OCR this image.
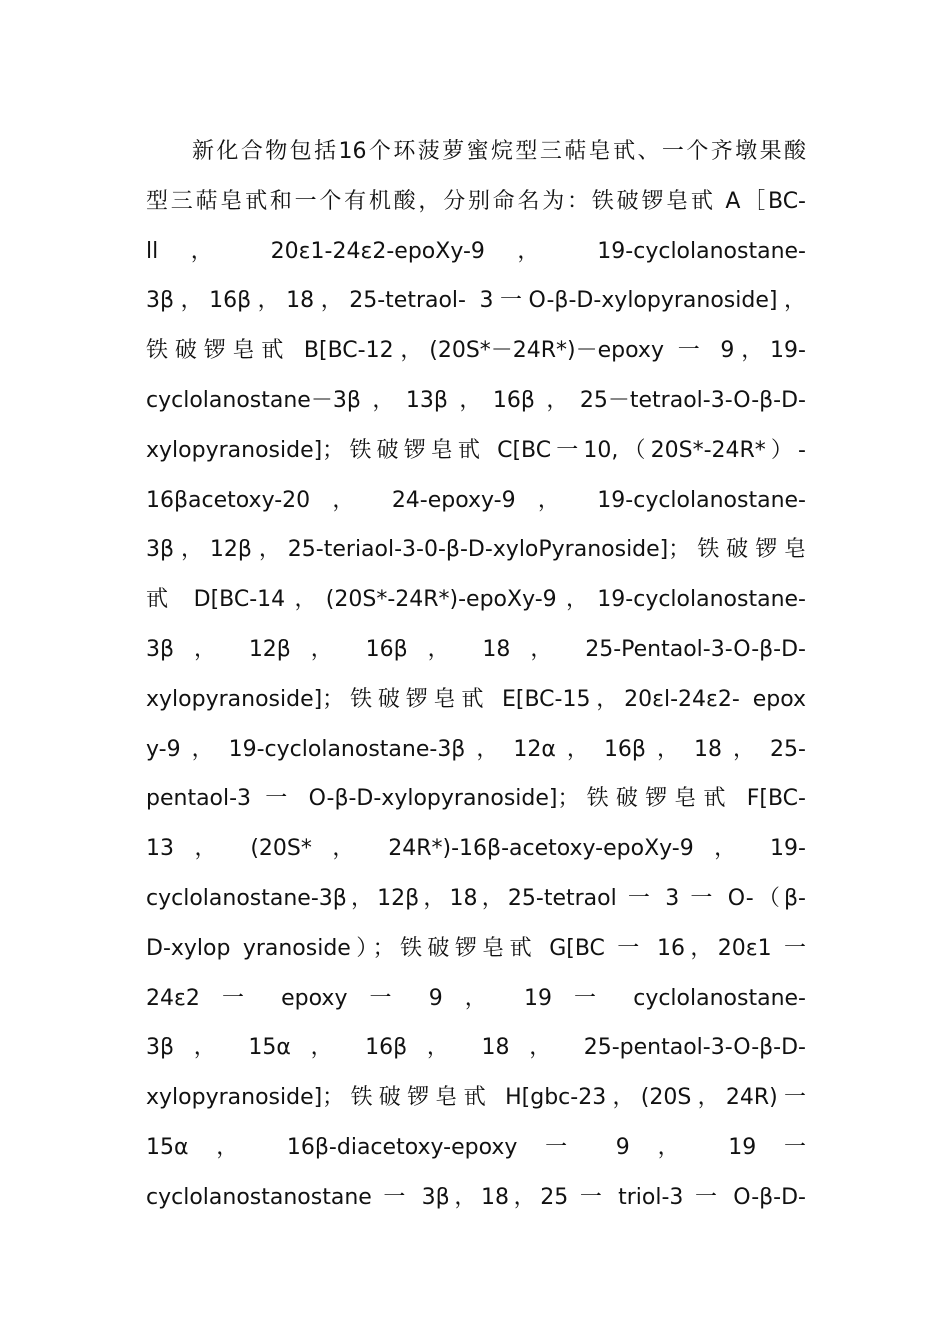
新化合物包括16个环菠萝蜜烷型三萜皂甙、一个齐墩果酸
型三萜皂甙和一个有机酸，分别命名为：铁破锣皂甙 A［BC-
ll ， 20ε1-24ε2-epoXy-9 ， 19-cyclolanostane-
3β，16β，18，25-tetraol- 3一O-β-D-xylopyranoside]，
铁破锣皂甙 B[BC-12，(20S*－24R*)－epoxy 一 9，19-
cyclolanostane－3β，13β，16β，25－tetraol-3-O-β-D-
xylopyranoside]；铁破锣皂甙 C[BC一10,（20S*-24R*）-
16βacetoxy-20 ， 24-epoxy-9 ， 19-cyclolanostane-
3β，12β，25-teriaol-3-0-β-D-xyloPyranoside]；铁破锣皂
甙 D[BC-14，(20S*-24R*)-epoXy-9，19-cyclolanostane-
3β ， 12β ， 16β ， 18 ， 25-Pentaol-3-O-β-D-
xylopyranoside]；铁破锣皂甙 E[BC-15，20εl-24ε2- epox
y-9 ， 19-cyclolanostane-3β ， 12α ， 16β ， 18 ， 25-
pentaol-3 一 O-β-D-xylopyranoside]；铁破锣皂甙 F[BC-
13 ， (20S* ， 24R*)-16β-acetoxy-epoXy-9 ， 19-
cyclolanostane-3β，12β，18，25-tetraol 一 3 一 O-（β-
D-xylop yranoside）；铁破锣皂甙 G[BC 一 16，20ε1 一
24ε2 一 epoxy 一 9 ， 19 一 cyclolanostane-
3β ， 15α ， 16β ， 18 ， 25-pentaol-3-O-β-D-
xylopyranoside]；铁破锣皂甙 H[gbc-23，(20S，24R)一
15α ， 16β-diacetoxy-epoxy 一 9 ， 19 一
cyclolanostanostane 一 3β，18，25 一 triol-3 一 O-β-D-
